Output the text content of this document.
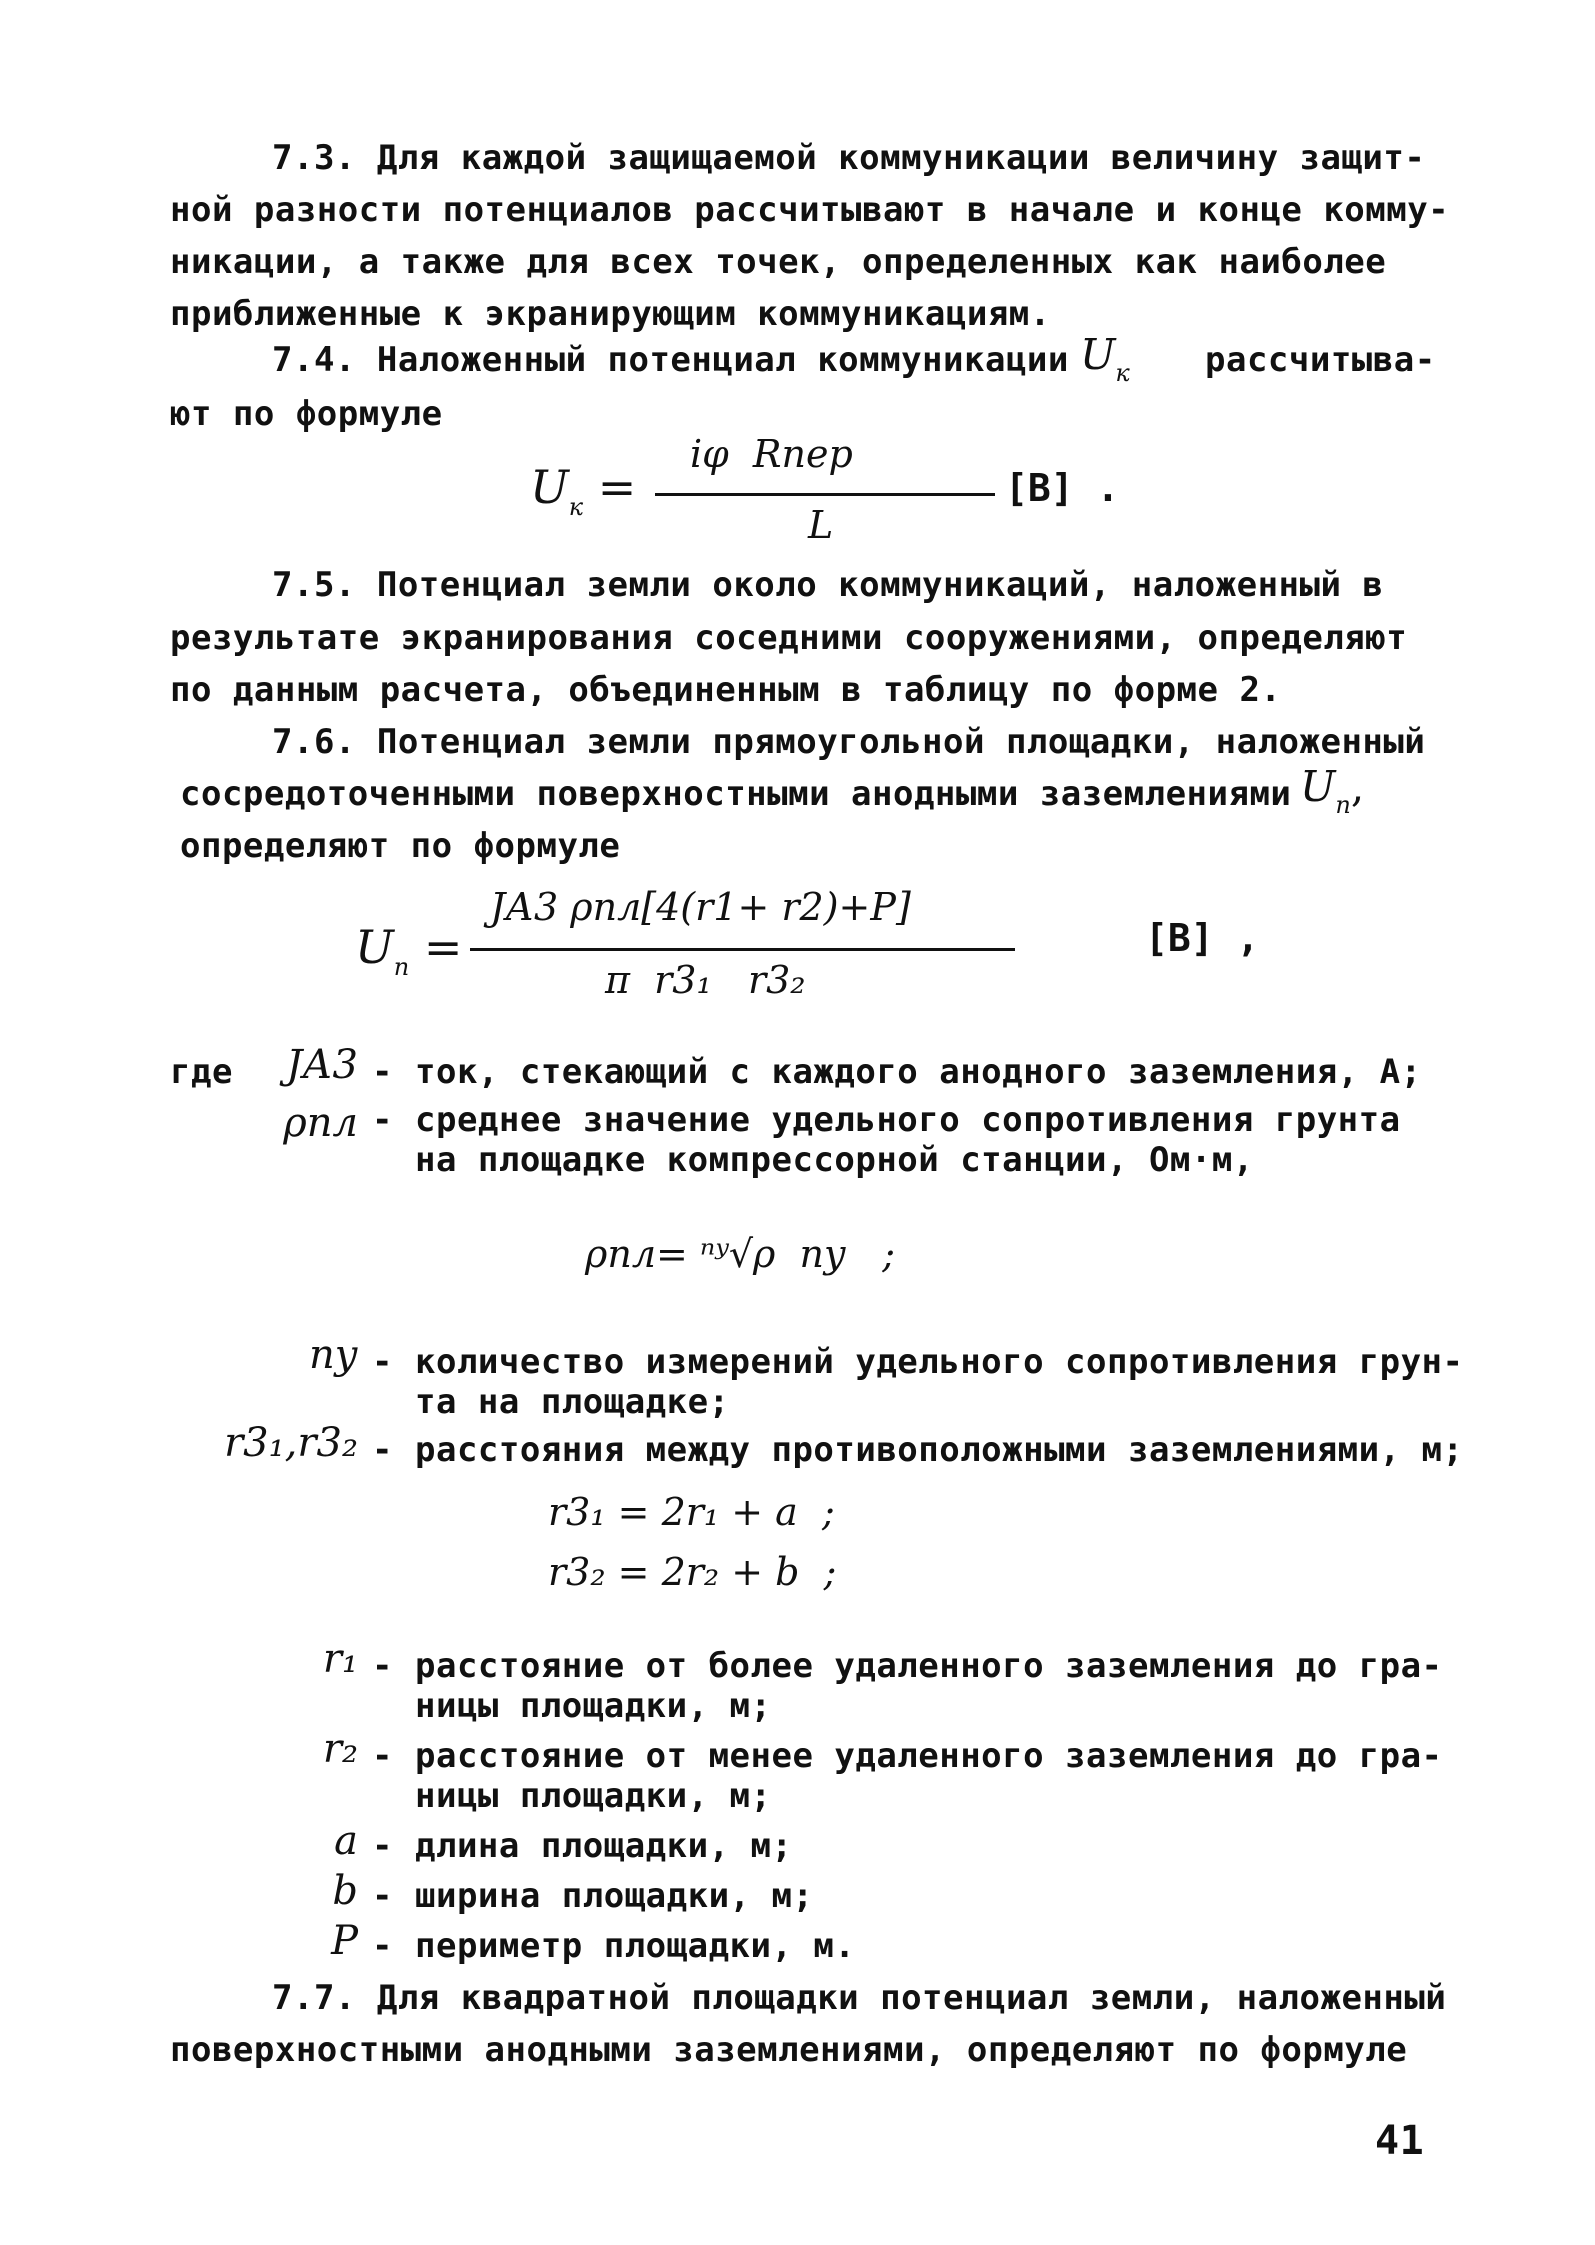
7.3. Для каждой защищаемой коммуникации величину защит-
ной разности потенциалов рассчитывают в начале и конце комму-
никации, а также для всех точек, определенных как наиболее
приближенные к экранирующим коммуникациям.
7.4. Наложенный потенциал коммуникации $U_к$ рассчитыва-
ют по формуле
$U_к$ =
iφ  Rпер
L
[B] .
7.5. Потенциал земли около коммуникаций, наложенный в
результате экранирования соседними сооружениями, определяют
по данным расчета, объединенным в таблицу по форме 2.
7.6. Потенциал земли прямоугольной площадки, наложенный
сосредоточенными поверхностными анодными заземлениями $U_п$,
определяют по формуле
$U_п$ =
JА3 ρпл[4(r1+ r2)+P]
π  r3₁   r3₂
[B] ,
где	JА3 - ток, стекающий с каждого анодного заземления, А;
ρпл - среднее значение удельного сопротивления грунта
на площадке компрессорной станции, Ом·м,
ρпл= ⁿʸ√ρ  nу   ;
nу - количество измерений удельного сопротивления грун-
та на площадке;
r3₁,r3₂ - расстояния между противоположными заземлениями, м;
r3₁ = 2r₁ + a  ;
r3₂ = 2r₂ + b  ;
r₁ - расстояние от более удаленного заземления до гра-
ницы площадки, м;
r₂ - расстояние от менее удаленного заземления до гра-
ницы площадки, м;
a - длина площадки, м;
b - ширина площадки, м;
P - периметр площадки, м.
7.7. Для квадратной площадки потенциал земли, наложенный
поверхностными анодными заземлениями, определяют по формуле
41
